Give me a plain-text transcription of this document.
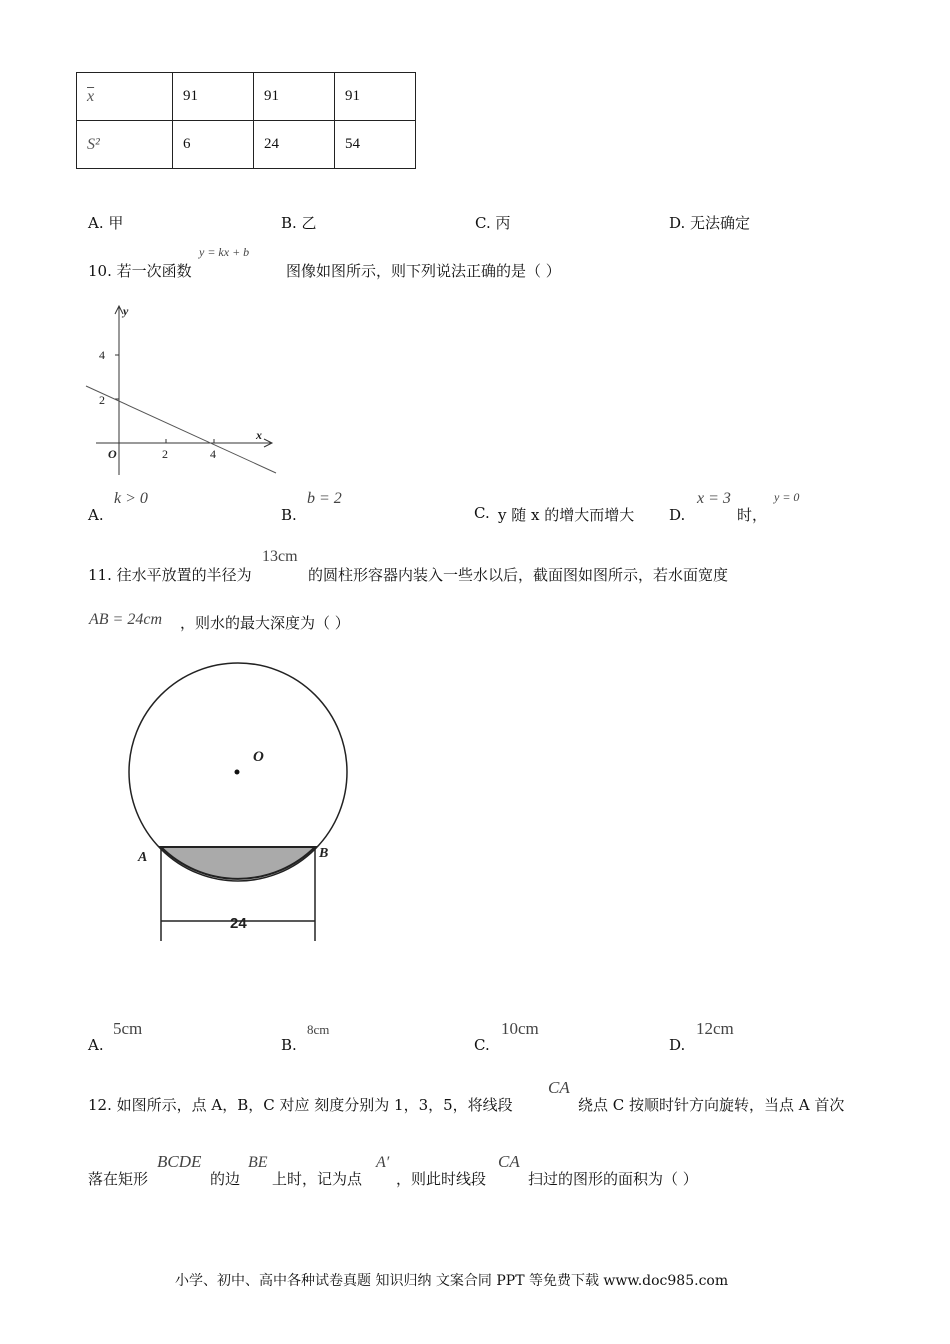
$\overline{x}$	91	91	91
S²	6	24	54
A. 甲	B. 乙	C. 丙	D. 无法确定
10. 若一次函数
y = kx + b
图像如图所示，则下列说法正确的是（ ）
y
x
O
4
2
2	4
A.
k > 0
B.
b = 2
C. y 随 x 的增大而增大 D.
x = 3
时，
y = 0
11. 往水平放置的半径为
13cm
的圆柱形容器内装入一些水以后，截面图如图所示，若水面宽度
AB = 24cm ，则水的最大深度为（ ）
O
A	B
24
A.
5cm
B.
8cm
C.
10cm
D.
12cm
12. 如图所示，点 A，B，C 对应 刻度分别为 1，3，5，将线段
CA
绕点 C 按顺时针方向旋转，当点 A 首次
落在矩形
BCDE
的边
BE
上时，记为点
A′
，则此时线段
CA
扫过的图形的面积为（ ）
小学、初中、高中各种试卷真题 知识归纳 文案合同 PPT 等免费下载 www.doc985.com
